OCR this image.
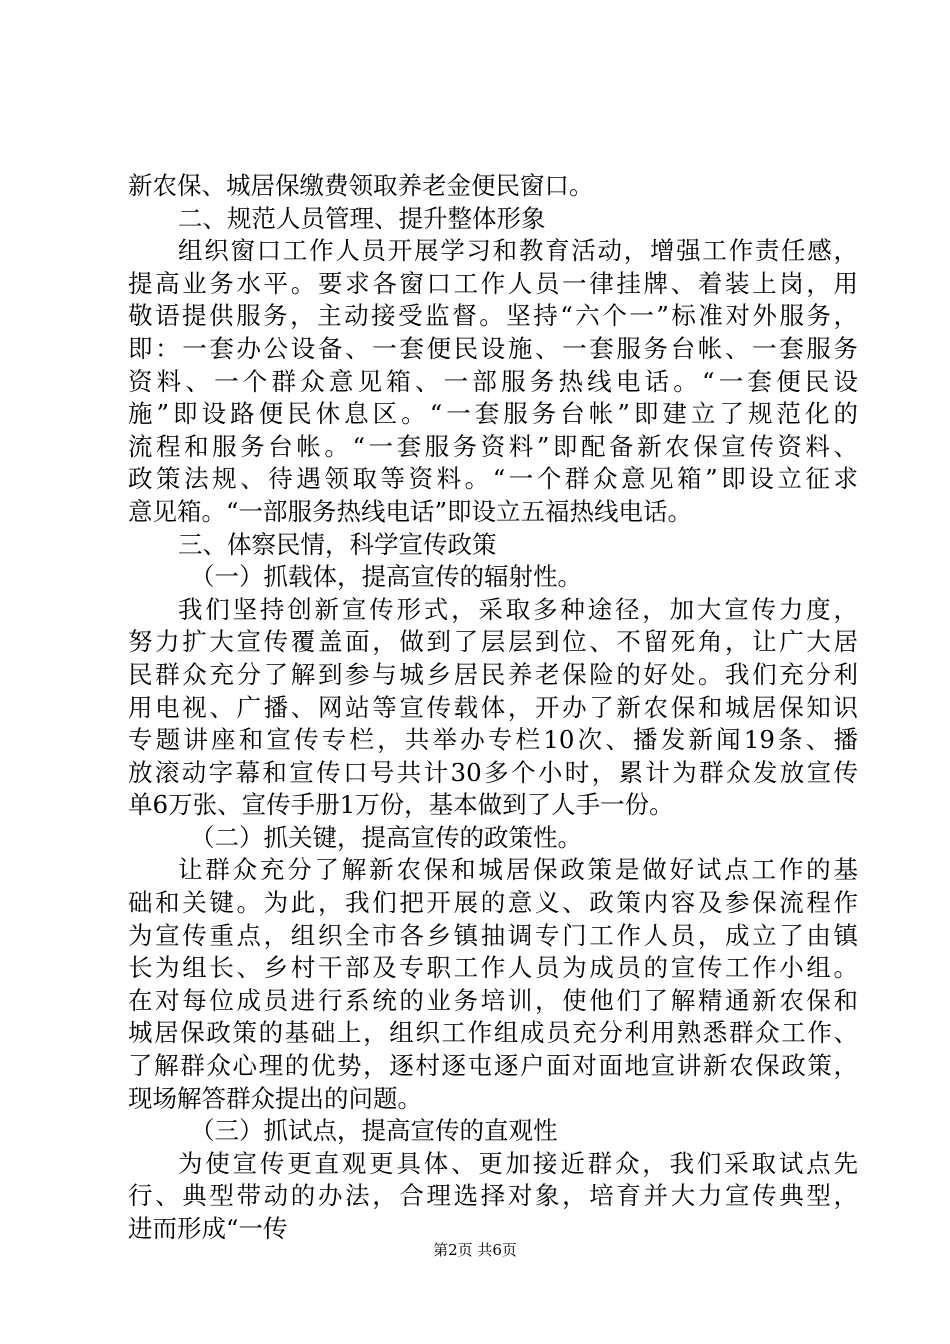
新农保、城居保缴费领取养老金便民窗口。
二、规范人员管理、提升整体形象
组织窗口工作人员开展学习和教育活动，增强工作责任感，
提高业务水平。要求各窗口工作人员一律挂牌、着装上岗，用
敬语提供服务，主动接受监督。坚持“六个一”标准对外服务，
即：一套办公设备、一套便民设施、一套服务台帐、一套服务
资料、一个群众意见箱、一部服务热线电话。“一套便民设
施”即设路便民休息区。“一套服务台帐”即建立了规范化的
流程和服务台帐。“一套服务资料”即配备新农保宣传资料、
政策法规、待遇领取等资料。“一个群众意见箱”即设立征求
意见箱。“一部服务热线电话”即设立五福热线电话。
三、体察民情，科学宣传政策
（一）抓载体，提高宣传的辐射性。
我们坚持创新宣传形式，采取多种途径，加大宣传力度，
努力扩大宣传覆盖面，做到了层层到位、不留死角，让广大居
民群众充分了解到参与城乡居民养老保险的好处。我们充分利
用电视、广播、网站等宣传载体，开办了新农保和城居保知识
专题讲座和宣传专栏，共举办专栏10次、播发新闻19条、播
放滚动字幕和宣传口号共计30多个小时，累计为群众发放宣传
单6万张、宣传手册1万份，基本做到了人手一份。
（二）抓关键，提高宣传的政策性。
让群众充分了解新农保和城居保政策是做好试点工作的基
础和关键。为此，我们把开展的意义、政策内容及参保流程作
为宣传重点，组织全市各乡镇抽调专门工作人员，成立了由镇
长为组长、乡村干部及专职工作人员为成员的宣传工作小组。
在对每位成员进行系统的业务培训，使他们了解精通新农保和
城居保政策的基础上，组织工作组成员充分利用熟悉群众工作、
了解群众心理的优势，逐村逐屯逐户面对面地宣讲新农保政策，
现场解答群众提出的问题。
（三）抓试点，提高宣传的直观性
为使宣传更直观更具体、更加接近群众，我们采取试点先
行、典型带动的办法，合理选择对象，培育并大力宣传典型，
进而形成“一传
第2页 共6页
